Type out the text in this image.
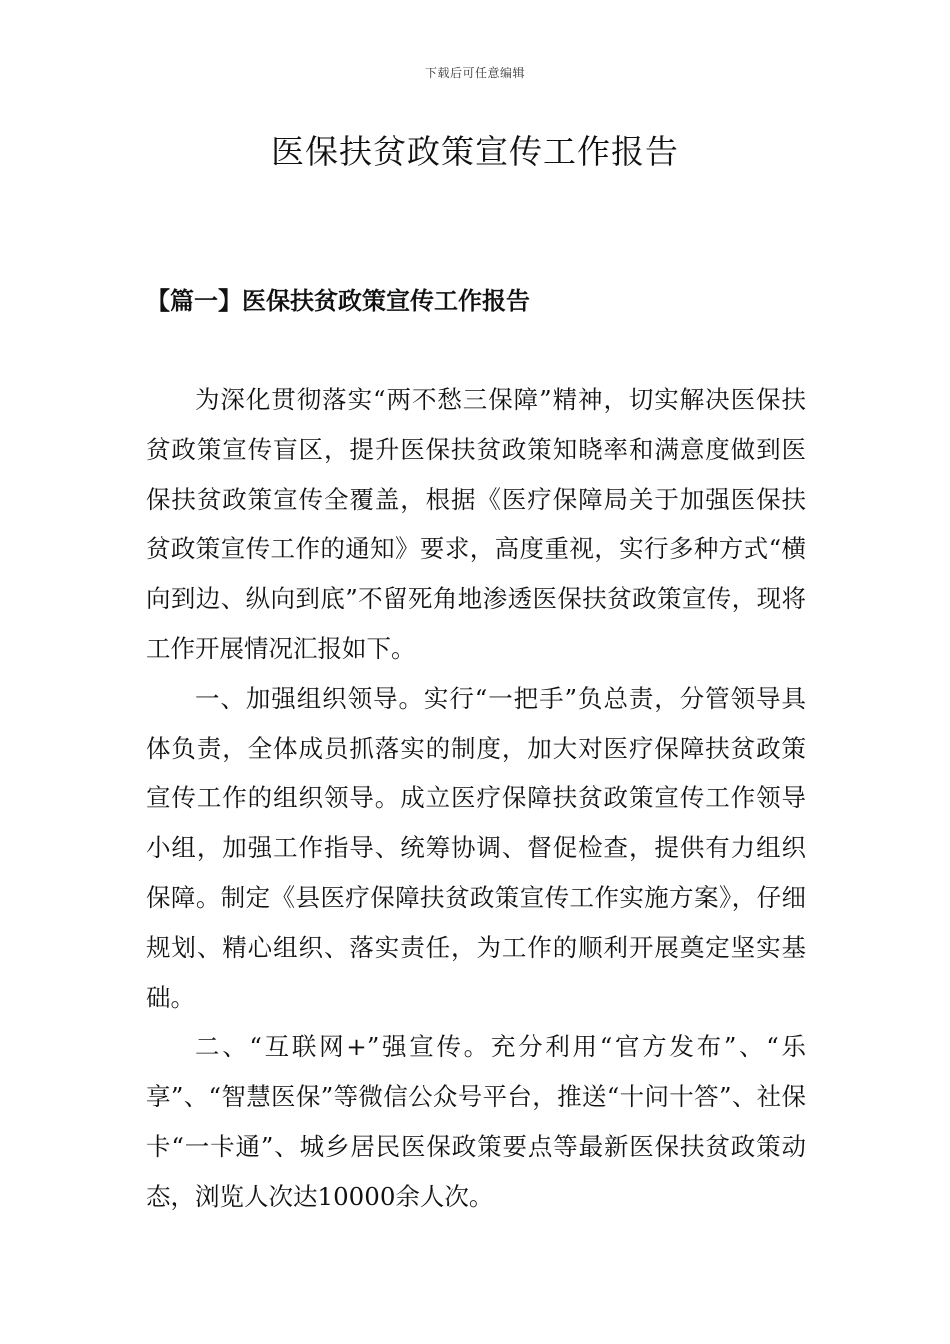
下载后可任意编辑
医保扶贫政策宣传工作报告
【篇一】医保扶贫政策宣传工作报告

为深化贯彻落实“两不愁三保障”精神，切实解决医保扶贫政策宣传盲区，提升医保扶贫政策知晓率和满意度做到医保扶贫政策宣传全覆盖，根据《医疗保障局关于加强医保扶贫政策宣传工作的通知》要求，高度重视，实行多种方式“横向到边、纵向到底”不留死角地渗透医保扶贫政策宣传，现将工作开展情况汇报如下。

一、加强组织领导。实行“一把手”负总责，分管领导具体负责，全体成员抓落实的制度，加大对医疗保障扶贫政策宣传工作的组织领导。成立医疗保障扶贫政策宣传工作领导小组，加强工作指导、统筹协调、督促检查，提供有力组织保障。制定《县医疗保障扶贫政策宣传工作实施方案》，仔细规划、精心组织、落实责任，为工作的顺利开展奠定坚实基础。

二、“互联网+”强宣传。充分利用“官方发布”、“乐享”、“智慧医保”等微信公众号平台，推送“十问十答”、社保卡“一卡通”、城乡居民医保政策要点等最新医保扶贫政策动态，浏览人次达10000余人次。
